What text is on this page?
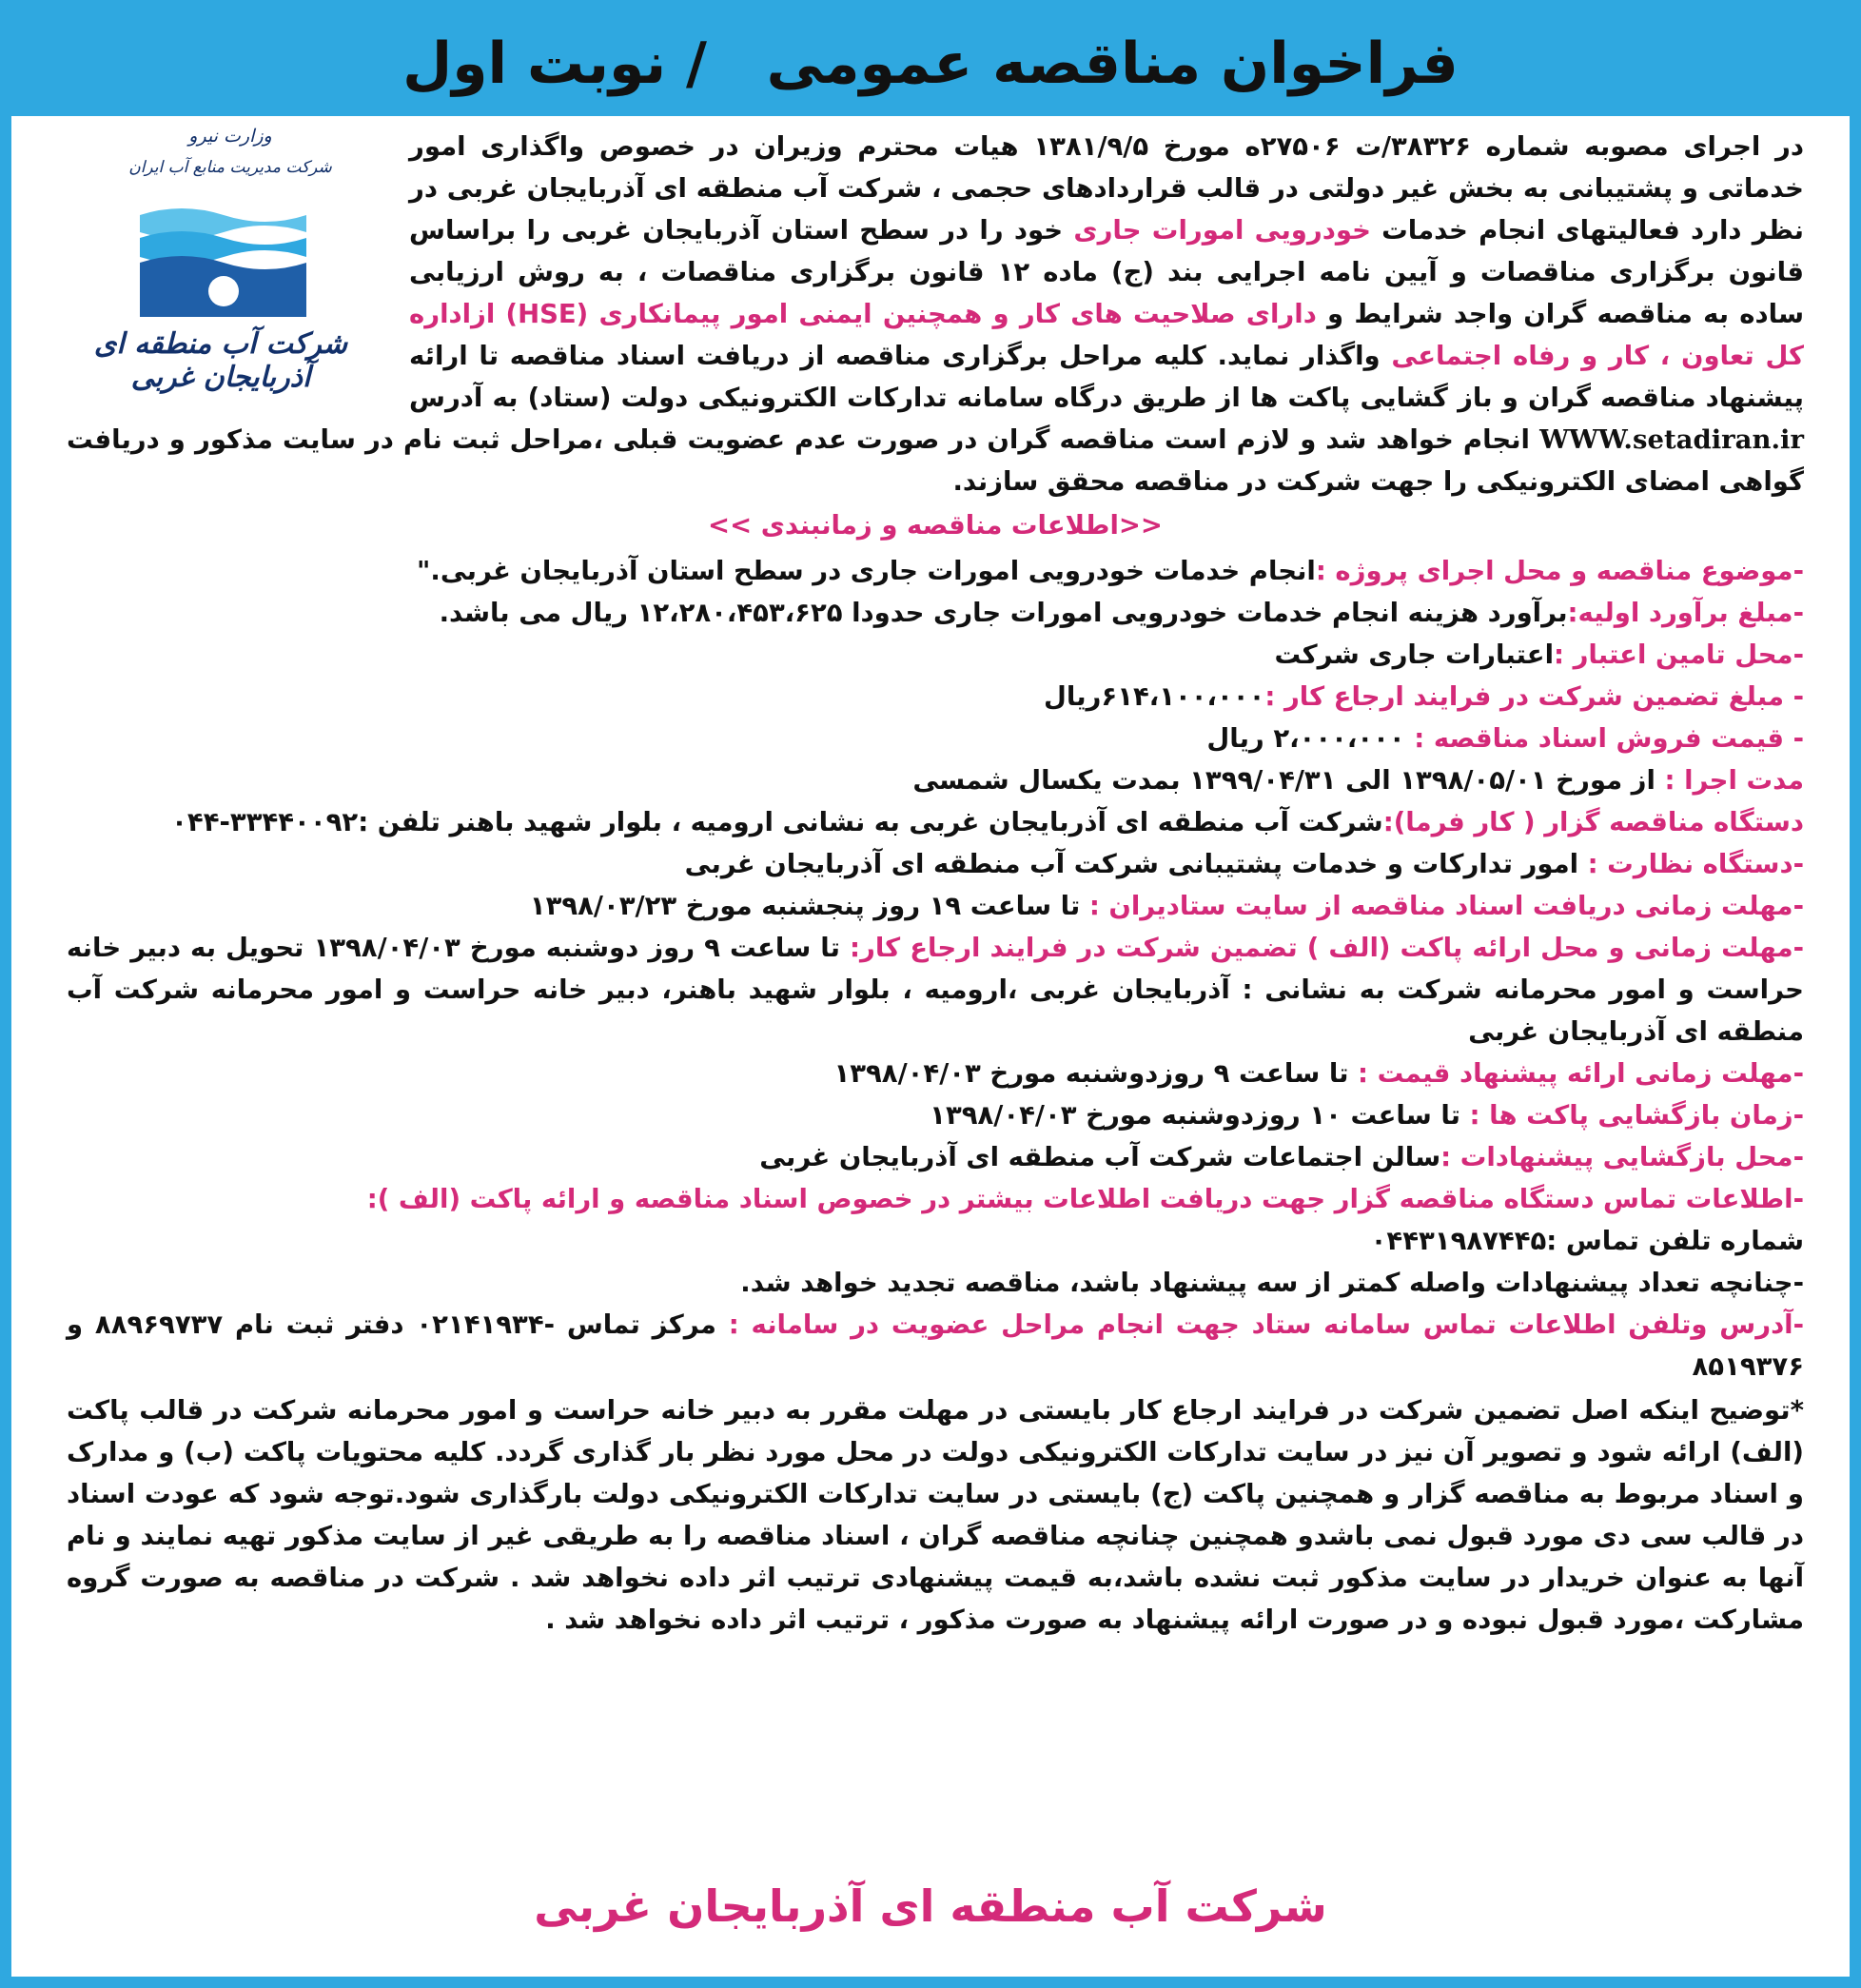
فراخوان مناقصه عمومی   / نوبت اول
وزارت نیرو
شرکت مدیریت منابع آب ایران
شرکت آب منطقه ای آذربایجان غربی

در اجرای مصوبه شماره ۳۸۳۲۶/ت ۲۷۵۰۶ه مورخ ۱۳۸۱/۹/۵ هیات محترم وزیران در خصوص واگذاری امور خدماتی و پشتیبانی به بخش غیر دولتی در قالب قراردادهای حجمی ، شرکت آب منطقه ای آذربایجان غربی در نظر دارد فعالیتهای انجام خدمات خودرویی امورات جاری خود را در سطح استان آذربایجان غربی را براساس قانون برگزاری مناقصات و آیین نامه اجرایی بند (ج) ماده ۱۲ قانون برگزاری مناقصات ، به روش ارزیابی ساده به مناقصه گران واجد شرایط و دارای صلاحیت های کار و همچنین ایمنی امور پیمانکاری (HSE) ازاداره کل تعاون ، کار و رفاه اجتماعی واگذار نماید. کلیه مراحل برگزاری مناقصه از دریافت اسناد مناقصه تا ارائه پیشنهاد مناقصه گران و باز گشایی پاکت ها از طریق درگاه سامانه تدارکات الکترونیکی دولت (ستاد) به آدرس WWW.setadiran.ir انجام خواهد شد و لازم است مناقصه گران در صورت عدم عضویت قبلی ،مراحل ثبت نام در سایت مذکور و دریافت گواهی امضای الکترونیکی را جهت شرکت در مناقصه محقق سازند.

<<اطلاعات مناقصه و زمانبندی >>
-موضوع مناقصه و محل اجرای پروژه :انجام خدمات خودرویی امورات جاری در سطح استان آذربایجان غربی."
-مبلغ برآورد اولیه:برآورد هزینه انجام خدمات خودرویی امورات جاری حدودا ۱۲،۲۸۰،۴۵۳،۶۲۵ ریال می باشد.
-محل تامین اعتبار :اعتبارات جاری شرکت
- مبلغ تضمین شرکت در فرایند ارجاع کار :۶۱۴،۱۰۰،۰۰۰ریال
- قیمت فروش اسناد مناقصه : ۲،۰۰۰،۰۰۰ ریال
مدت اجرا : از مورخ ۱۳۹۸/۰۵/۰۱ الی ۱۳۹۹/۰۴/۳۱ بمدت یکسال شمسی
دستگاه مناقصه گزار ( کار فرما):شرکت آب منطقه ای آذربایجان غربی به نشانی ارومیه ، بلوار شهید باهنر تلفن :۳۳۴۴۰۰۹۲-۰۴۴
-دستگاه نظارت : امور تدارکات و خدمات پشتیبانی شرکت آب منطقه ای آذربایجان غربی
-مهلت زمانی دریافت اسناد مناقصه از سایت ستادیران : تا ساعت ۱۹ روز پنجشنبه مورخ ۱۳۹۸/۰۳/۲۳
-مهلت زمانی و محل ارائه پاکت (الف ) تضمین شرکت در فرایند ارجاع کار: تا ساعت ۹ روز دوشنبه مورخ ۱۳۹۸/۰۴/۰۳ تحویل به دبیر خانه حراست و امور محرمانه شرکت به نشانی : آذربایجان غربی ،ارومیه ، بلوار شهید باهنر، دبیر خانه حراست و امور محرمانه شرکت آب منطقه ای آذربایجان غربی
-مهلت زمانی ارائه پیشنهاد قیمت : تا ساعت ۹ روزدوشنبه مورخ ۱۳۹۸/۰۴/۰۳
-زمان بازگشایی پاکت ها : تا ساعت ۱۰ روزدوشنبه مورخ ۱۳۹۸/۰۴/۰۳
-محل بازگشایی پیشنهادات :سالن اجتماعات شرکت آب منطقه ای آذربایجان غربی
-اطلاعات تماس دستگاه مناقصه گزار جهت دریافت اطلاعات بیشتر در خصوص اسناد مناقصه و ارائه پاکت (الف ):
شماره تلفن تماس :۰۴۴۳۱۹۸۷۴۴۵
-چنانچه تعداد پیشنهادات واصله کمتر از سه پیشنهاد باشد، مناقصه تجدید خواهد شد.
-آدرس وتلفن اطلاعات تماس سامانه ستاد جهت انجام مراحل عضویت در سامانه : مرکز تماس -۰۲۱۴۱۹۳۴ دفتر ثبت نام ۸۸۹۶۹۷۳۷ و ۸۵۱۹۳۷۶

*توضیح اینکه اصل تضمین شرکت در فرایند ارجاع کار بایستی در مهلت مقرر به دبیر خانه حراست و امور محرمانه شرکت در قالب پاکت (الف) ارائه شود و تصویر آن نیز در سایت تدارکات الکترونیکی دولت در محل مورد نظر بار گذاری گردد. کلیه محتویات پاکت (ب) و مدارک و اسناد مربوط به مناقصه گزار و همچنین پاکت (ج) بایستی در سایت تدارکات الکترونیکی دولت بارگذاری شود.توجه شود که عودت اسناد در قالب سی دی مورد قبول نمی باشدو همچنین چنانچه مناقصه گران ، اسناد مناقصه را به طریقی غیر از سایت مذکور تهیه نمایند و نام آنها به عنوان خریدار در سایت مذکور ثبت نشده باشد،به قیمت پیشنهادی ترتیب اثر داده نخواهد شد . شرکت در مناقصه به صورت گروه مشارکت ،مورد قبول نبوده و در صورت ارائه پیشنهاد به صورت مذکور ، ترتیب اثر داده نخواهد شد .

شرکت آب منطقه ای آذربایجان غربی
